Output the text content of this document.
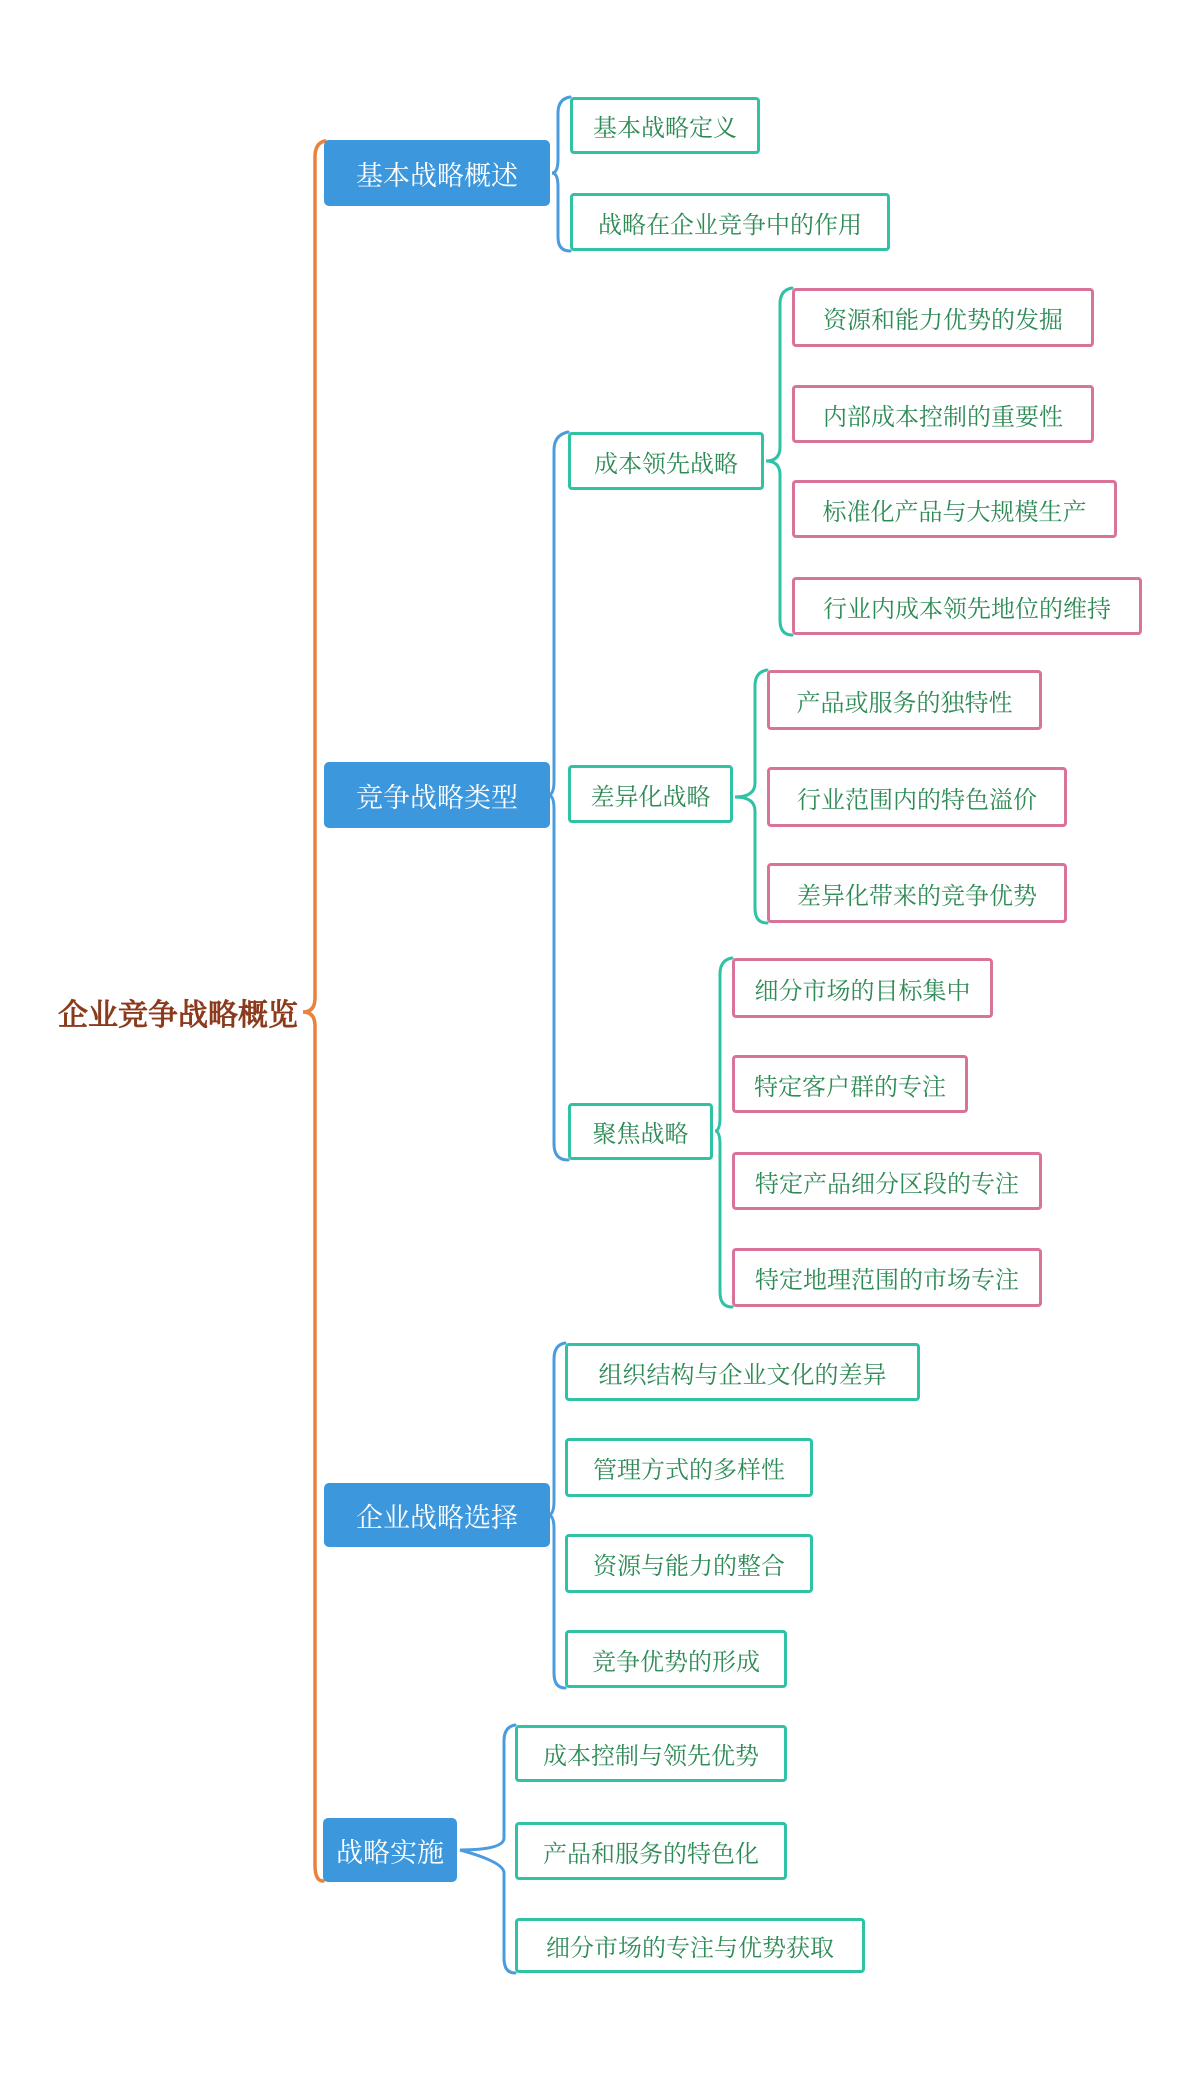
企业竞争战略概览
基本战略概述
竞争战略类型
企业战略选择
战略实施
基本战略定义
战略在企业竞争中的作用
成本领先战略
差异化战略
聚焦战略
资源和能力优势的发掘
内部成本控制的重要性
标准化产品与大规模生产
行业内成本领先地位的维持
产品或服务的独特性
行业范围内的特色溢价
差异化带来的竞争优势
细分市场的目标集中
特定客户群的专注
特定产品细分区段的专注
特定地理范围的市场专注
组织结构与企业文化的差异
管理方式的多样性
资源与能力的整合
竞争优势的形成
成本控制与领先优势
产品和服务的特色化
细分市场的专注与优势获取
